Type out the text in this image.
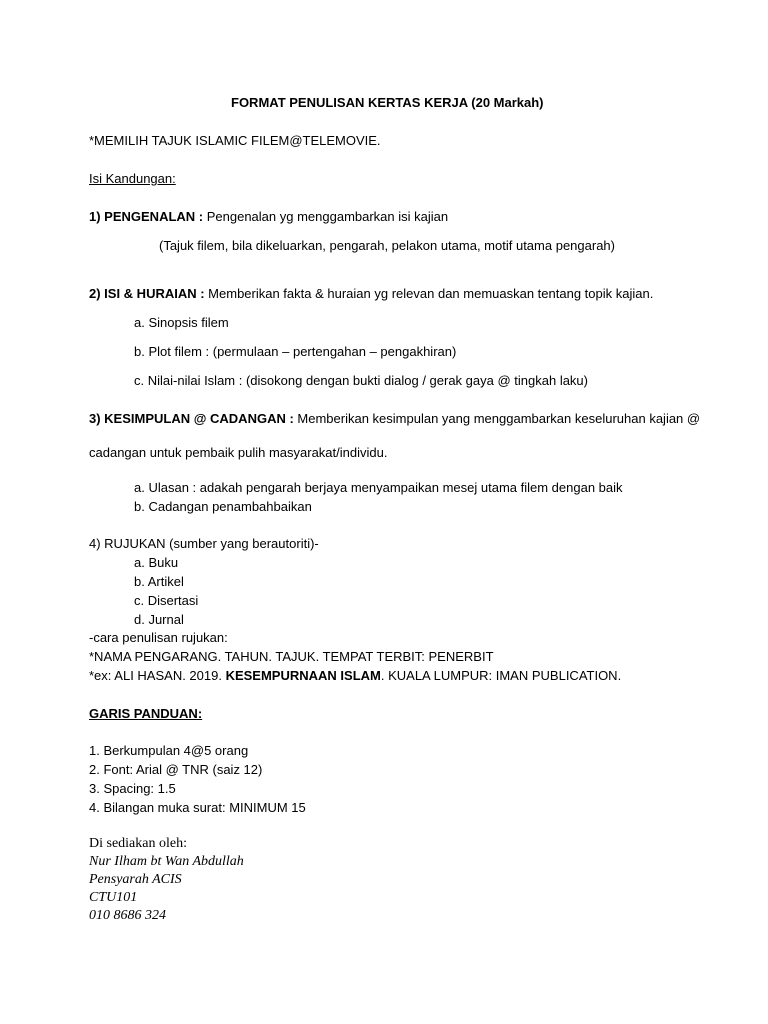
FORMAT PENULISAN KERTAS KERJA (20 Markah)
*MEMILIH TAJUK ISLAMIC FILEM@TELEMOVIE.
Isi Kandungan:
1) PENGENALAN : Pengenalan yg menggambarkan isi kajian
(Tajuk filem, bila dikeluarkan, pengarah, pelakon utama, motif utama pengarah)
2) ISI & HURAIAN : Memberikan fakta & huraian yg relevan dan memuaskan tentang topik kajian.
a. Sinopsis filem
b. Plot filem : (permulaan – pertengahan – pengakhiran)
c. Nilai-nilai Islam : (disokong dengan bukti dialog / gerak gaya @ tingkah laku)
3) KESIMPULAN @ CADANGAN : Memberikan kesimpulan yang menggambarkan keseluruhan kajian @
cadangan untuk pembaik pulih masyarakat/individu.
a. Ulasan : adakah pengarah berjaya menyampaikan mesej utama filem dengan baik
b. Cadangan penambahbaikan
4) RUJUKAN (sumber yang berautoriti)-
a. Buku
b. Artikel
c. Disertasi
d. Jurnal
-cara penulisan rujukan:
*NAMA PENGARANG. TAHUN. TAJUK. TEMPAT TERBIT: PENERBIT
*ex: ALI HASAN. 2019. KESEMPURNAAN ISLAM. KUALA LUMPUR: IMAN PUBLICATION.
GARIS PANDUAN:
1. Berkumpulan 4@5 orang
2. Font: Arial @ TNR (saiz 12)
3. Spacing: 1.5
4. Bilangan muka surat: MINIMUM 15
Di sediakan oleh:
Nur Ilham bt Wan Abdullah
Pensyarah ACIS
CTU101
010 8686 324
